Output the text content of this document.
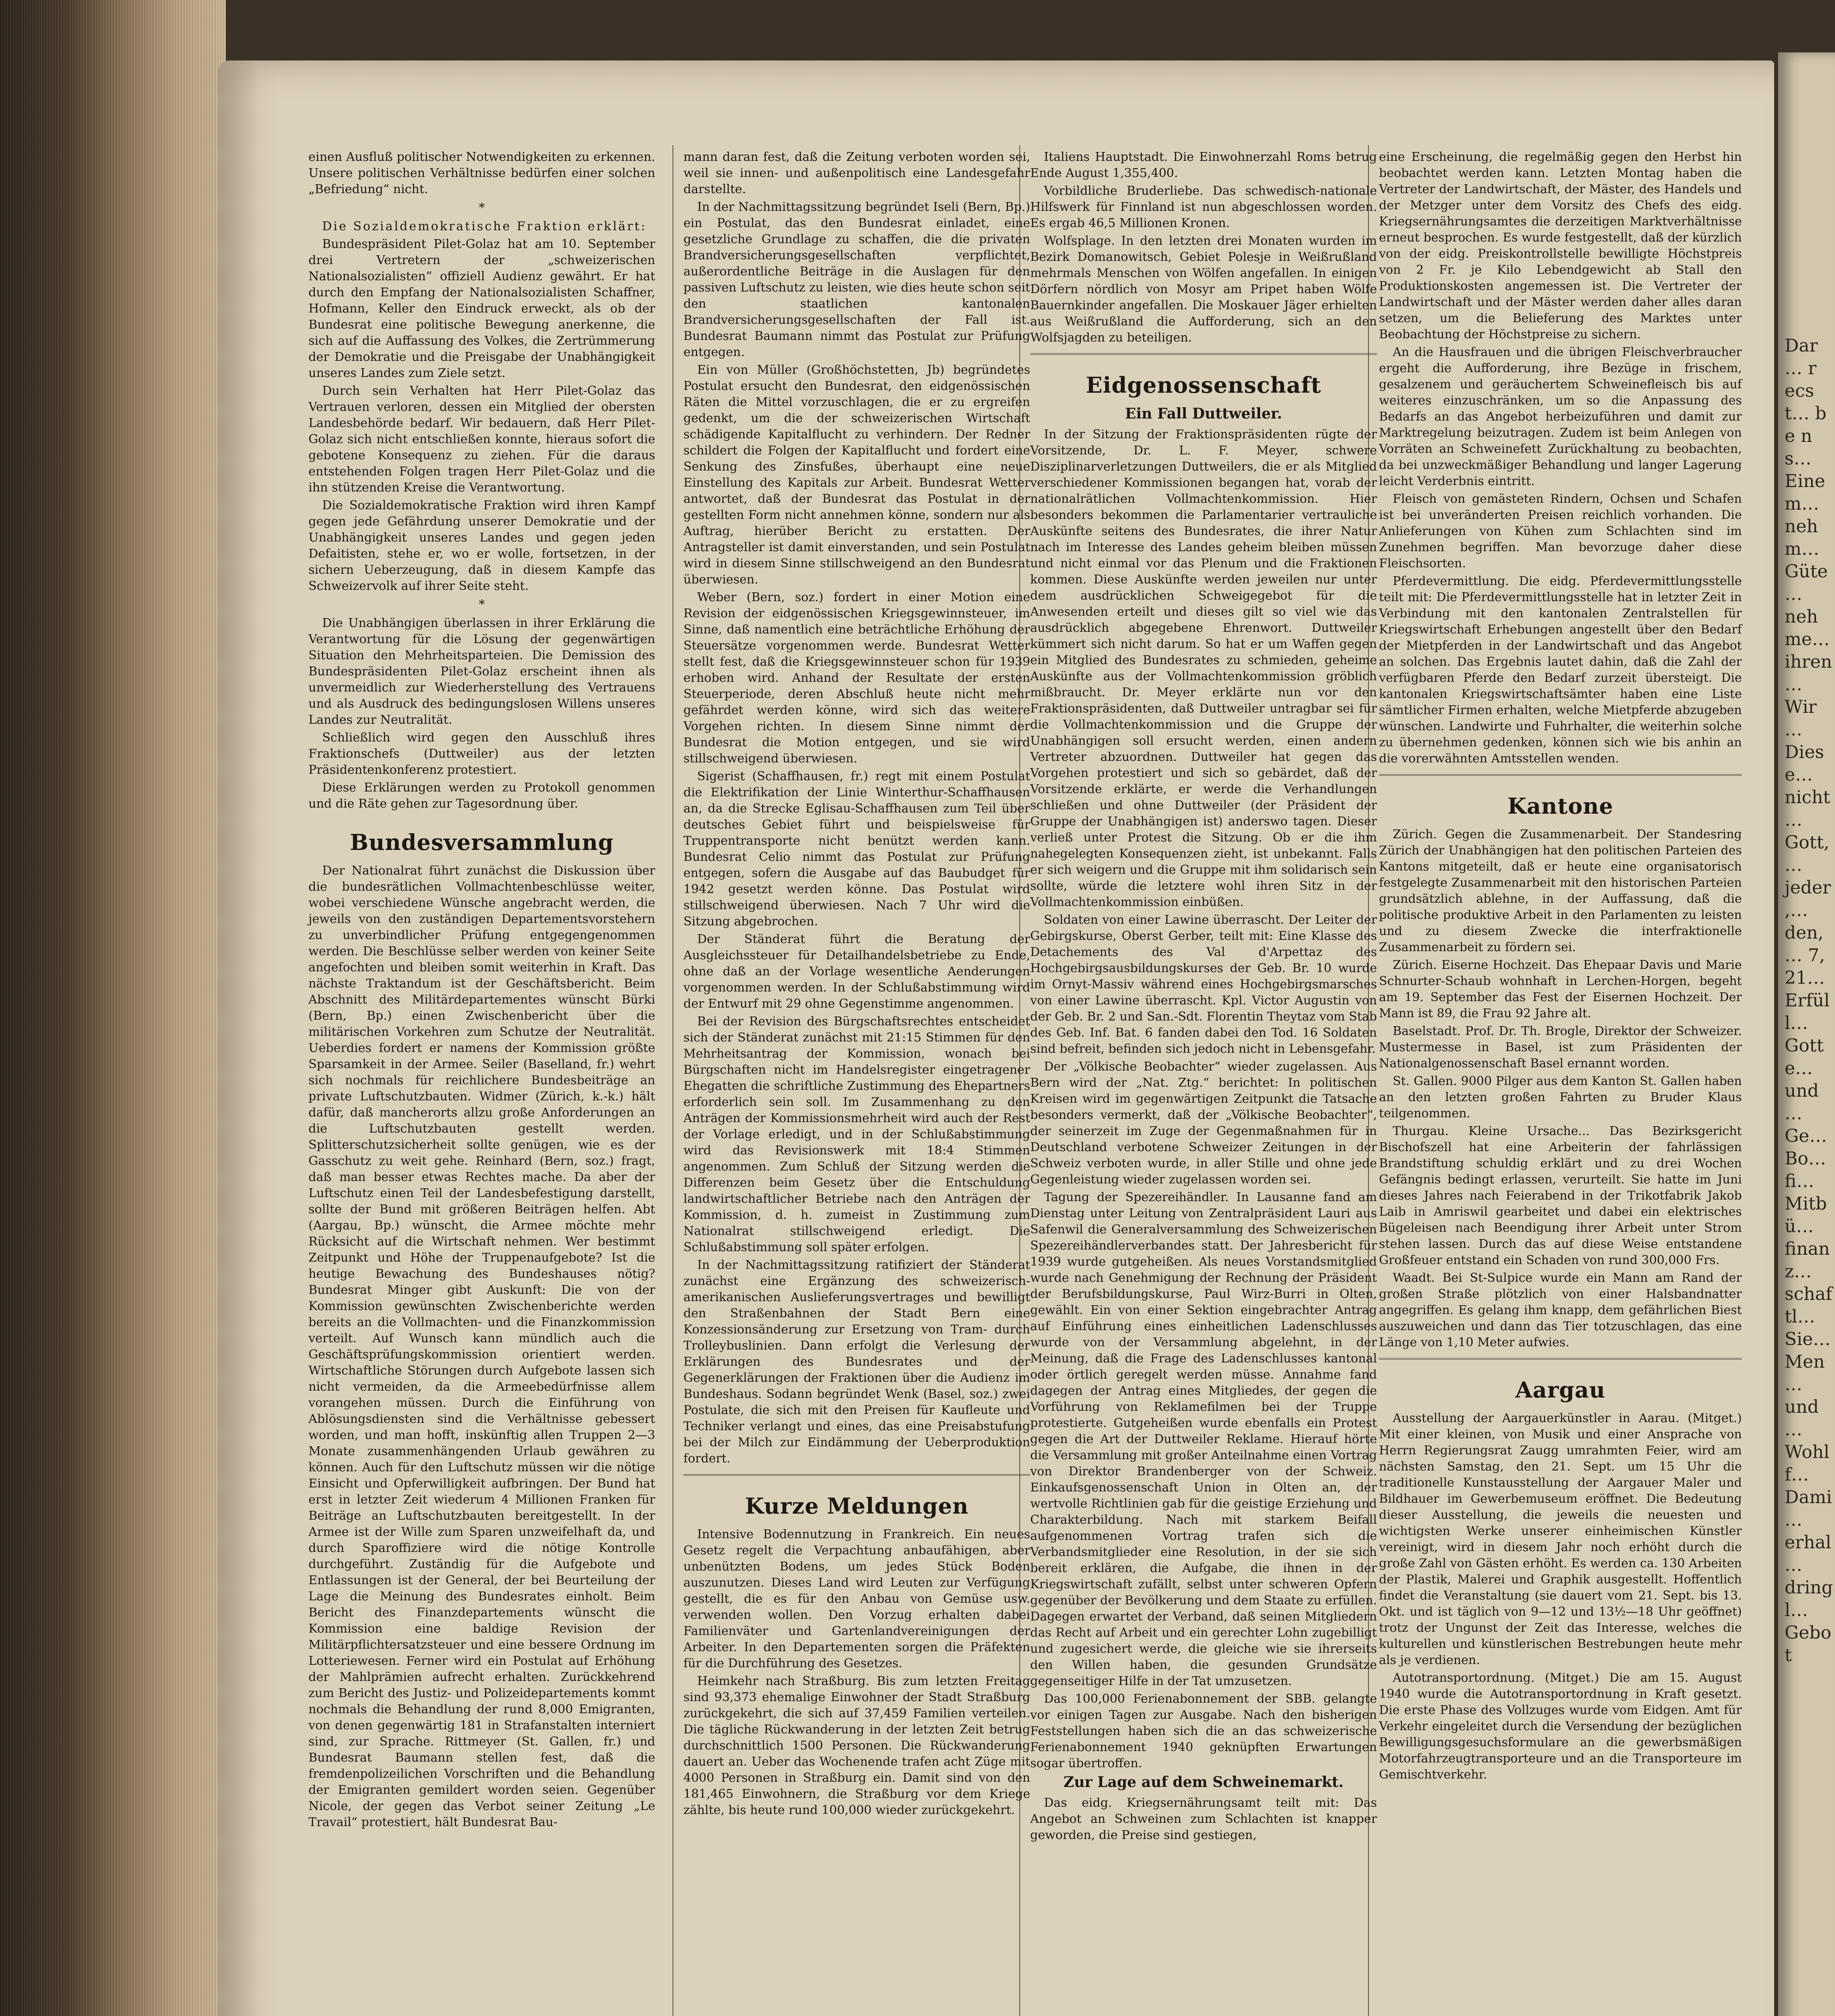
Dar… r ecs t… b e n s… Einem… nehm… Güte… nehme… ihren… Wir… Diese… nicht… Gott,… jeder,… den,… 7, 21… Erfüll… Gotte… und… Ge… Bo… fi… Mitbü… finanz… schaftl… Sie… Men… und… Wohlf… Dami… erhal… dringl… Gebot

einen Ausfluß politischer Notwendigkeiten zu erkennen. Unsere politischen Verhältnisse bedürfen einer solchen „Befriedung“ nicht.

*

Die Sozialdemokratische Fraktion erklärt:

Bundespräsident Pilet-Golaz hat am 10. September drei Vertretern der „schweizerischen Nationalsozialisten“ offiziell Audienz gewährt. Er hat durch den Empfang der Nationalsozialisten Schaffner, Hofmann, Keller den Eindruck erweckt, als ob der Bundesrat eine politische Bewegung anerkenne, die sich auf die Auffassung des Volkes, die Zertrümmerung der Demokratie und die Preisgabe der Unabhängigkeit unseres Landes zum Ziele setzt.

Durch sein Verhalten hat Herr Pilet-Golaz das Vertrauen verloren, dessen ein Mitglied der obersten Landesbehörde bedarf. Wir bedauern, daß Herr Pilet-Golaz sich nicht entschließen konnte, hieraus sofort die gebotene Konsequenz zu ziehen. Für die daraus entstehenden Folgen tragen Herr Pilet-Golaz und die ihn stützenden Kreise die Verantwortung.

Die Sozialdemokratische Fraktion wird ihren Kampf gegen jede Gefährdung unserer Demokratie und der Unabhängigkeit unseres Landes und gegen jeden Defaitisten, stehe er, wo er wolle, fortsetzen, in der sichern Ueberzeugung, daß in diesem Kampfe das Schweizervolk auf ihrer Seite steht.

*

Die Unabhängigen überlassen in ihrer Erklärung die Verantwortung für die Lösung der gegenwärtigen Situation den Mehrheitsparteien. Die Demission des Bundespräsidenten Pilet-Golaz erscheint ihnen als unvermeidlich zur Wiederherstellung des Vertrauens und als Ausdruck des bedingungslosen Willens unseres Landes zur Neutralität.

Schließlich wird gegen den Ausschluß ihres Fraktionschefs (Duttweiler) aus der letzten Präsidentenkonferenz protestiert.

Diese Erklärungen werden zu Protokoll genommen und die Räte gehen zur Tagesordnung über.

Bundesversammlung

Der Nationalrat führt zunächst die Diskussion über die bundesrätlichen Vollmachtenbeschlüsse weiter, wobei verschiedene Wünsche angebracht werden, die jeweils von den zuständigen Departementsvorstehern zu unverbindlicher Prüfung entgegengenommen werden. Die Beschlüsse selber werden von keiner Seite angefochten und bleiben somit weiterhin in Kraft. Das nächste Traktandum ist der Geschäftsbericht. Beim Abschnitt des Militärdepartementes wünscht Bürki (Bern, Bp.) einen Zwischenbericht über die militärischen Vorkehren zum Schutze der Neutralität. Ueberdies fordert er namens der Kommission größte Sparsamkeit in der Armee. Seiler (Baselland, fr.) wehrt sich nochmals für reichlichere Bundesbeiträge an private Luftschutzbauten. Widmer (Zürich, k.-k.) hält dafür, daß mancherorts allzu große Anforderungen an die Luftschutzbauten gestellt werden. Splitterschutzsicherheit sollte genügen, wie es der Gasschutz zu weit gehe. Reinhard (Bern, soz.) fragt, daß man besser etwas Rechtes mache. Da aber der Luftschutz einen Teil der Landesbefestigung darstellt, sollte der Bund mit größeren Beiträgen helfen. Abt (Aargau, Bp.) wünscht, die Armee möchte mehr Rücksicht auf die Wirtschaft nehmen. Wer bestimmt Zeitpunkt und Höhe der Truppenaufgebote? Ist die heutige Bewachung des Bundeshauses nötig? Bundesrat Minger gibt Auskunft: Die von der Kommission gewünschten Zwischenberichte werden bereits an die Vollmachten- und die Finanzkommission verteilt. Auf Wunsch kann mündlich auch die Geschäftsprüfungskommission orientiert werden. Wirtschaftliche Störungen durch Aufgebote lassen sich nicht vermeiden, da die Armeebedürfnisse allem vorangehen müssen. Durch die Einführung von Ablösungsdiensten sind die Verhältnisse gebessert worden, und man hofft, inskünftig allen Truppen 2—3 Monate zusammenhängenden Urlaub gewähren zu können. Auch für den Luftschutz müssen wir die nötige Einsicht und Opferwilligkeit aufbringen. Der Bund hat erst in letzter Zeit wiederum 4 Millionen Franken für Beiträge an Luftschutzbauten bereitgestellt. In der Armee ist der Wille zum Sparen unzweifelhaft da, und durch Sparoffiziere wird die nötige Kontrolle durchgeführt. Zuständig für die Aufgebote und Entlassungen ist der General, der bei Beurteilung der Lage die Meinung des Bundesrates einholt. Beim Bericht des Finanzdepartements wünscht die Kommission eine baldige Revision der Militärpflichtersatzsteuer und eine bessere Ordnung im Lotteriewesen. Ferner wird ein Postulat auf Erhöhung der Mahlprämien aufrecht erhalten. Zurückkehrend zum Bericht des Justiz- und Polizeidepartements kommt nochmals die Behandlung der rund 8,000 Emigranten, von denen gegenwärtig 181 in Strafanstalten interniert sind, zur Sprache. Rittmeyer (St. Gallen, fr.) und Bundesrat Baumann stellen fest, daß die fremdenpolizeilichen Vorschriften und die Behandlung der Emigranten gemildert worden seien. Gegenüber Nicole, der gegen das Verbot seiner Zeitung „Le Travail“ protestiert, hält Bundesrat Bau-

mann daran fest, daß die Zeitung verboten worden sei, weil sie innen- und außenpolitisch eine Landesgefahr darstellte.

In der Nachmittagssitzung begründet Iseli (Bern, Bp.) ein Postulat, das den Bundesrat einladet, eine gesetzliche Grundlage zu schaffen, die die privaten Brandversicherungsgesellschaften verpflichtet, außerordentliche Beiträge in die Auslagen für den passiven Luftschutz zu leisten, wie dies heute schon seit den staatlichen kantonalen Brandversicherungsgesellschaften der Fall ist. Bundesrat Baumann nimmt das Postulat zur Prüfung entgegen.

Ein von Müller (Großhöchstetten, Jb) begründetes Postulat ersucht den Bundesrat, den eidgenössischen Räten die Mittel vorzuschlagen, die er zu ergreifen gedenkt, um die der schweizerischen Wirtschaft schädigende Kapitalflucht zu verhindern. Der Redner schildert die Folgen der Kapitalflucht und fordert eine Senkung des Zinsfußes, überhaupt eine neue Einstellung des Kapitals zur Arbeit. Bundesrat Wetter antwortet, daß der Bundesrat das Postulat in der gestellten Form nicht annehmen könne, sondern nur als Auftrag, hierüber Bericht zu erstatten. Der Antragsteller ist damit einverstanden, und sein Postulat wird in diesem Sinne stillschweigend an den Bundesrat überwiesen.

Weber (Bern, soz.) fordert in einer Motion eine Revision der eidgenössischen Kriegsgewinnsteuer, im Sinne, daß namentlich eine beträchtliche Erhöhung der Steuersätze vorgenommen werde. Bundesrat Wetter stellt fest, daß die Kriegsgewinnsteuer schon für 1939 erhoben wird. Anhand der Resultate der ersten Steuerperiode, deren Abschluß heute nicht mehr gefährdet werden könne, wird sich das weitere Vorgehen richten. In diesem Sinne nimmt der Bundesrat die Motion entgegen, und sie wird stillschweigend überwiesen.

Sigerist (Schaffhausen, fr.) regt mit einem Postulat die Elektrifikation der Linie Winterthur-Schaffhausen an, da die Strecke Eglisau-Schaffhausen zum Teil über deutsches Gebiet führt und beispielsweise für Truppentransporte nicht benützt werden kann. Bundesrat Celio nimmt das Postulat zur Prüfung entgegen, sofern die Ausgabe auf das Baubudget für 1942 gesetzt werden könne. Das Postulat wird stillschweigend überwiesen. Nach 7 Uhr wird die Sitzung abgebrochen.

Der Ständerat führt die Beratung der Ausgleichssteuer für Detailhandelsbetriebe zu Ende, ohne daß an der Vorlage wesentliche Aenderungen vorgenommen werden. In der Schlußabstimmung wird der Entwurf mit 29 ohne Gegenstimme angenommen.

Bei der Revision des Bürgschaftsrechtes entscheidet sich der Ständerat zunächst mit 21:15 Stimmen für den Mehrheitsantrag der Kommission, wonach bei Bürgschaften nicht im Handelsregister eingetragener Ehegatten die schriftliche Zustimmung des Ehepartners erforderlich sein soll. Im Zusammenhang zu den Anträgen der Kommissionsmehrheit wird auch der Rest der Vorlage erledigt, und in der Schlußabstimmung wird das Revisionswerk mit 18:4 Stimmen angenommen. Zum Schluß der Sitzung werden die Differenzen beim Gesetz über die Entschuldung landwirtschaftlicher Betriebe nach den Anträgen der Kommission, d. h. zumeist in Zustimmung zum Nationalrat stillschweigend erledigt. Die Schlußabstimmung soll später erfolgen.

In der Nachmittagssitzung ratifiziert der Ständerat zunächst eine Ergänzung des schweizerisch-amerikanischen Auslieferungsvertrages und bewilligt den Straßenbahnen der Stadt Bern eine Konzessionsänderung zur Ersetzung von Tram- durch Trolleybuslinien. Dann erfolgt die Verlesung der Erklärungen des Bundesrates und der Gegenerklärungen der Fraktionen über die Audienz im Bundeshaus. Sodann begründet Wenk (Basel, soz.) zwei Postulate, die sich mit den Preisen für Kaufleute und Techniker verlangt und eines, das eine Preisabstufung bei der Milch zur Eindämmung der Ueberproduktion fordert.

Kurze Meldungen

Intensive Bodennutzung in Frankreich. Ein neues Gesetz regelt die Verpachtung anbaufähigen, aber unbenützten Bodens, um jedes Stück Boden auszunutzen. Dieses Land wird Leuten zur Verfügung gestellt, die es für den Anbau von Gemüse usw. verwenden wollen. Den Vorzug erhalten dabei Familienväter und Gartenlandvereinigungen der Arbeiter. In den Departementen sorgen die Präfekten für die Durchführung des Gesetzes.

Heimkehr nach Straßburg. Bis zum letzten Freitag sind 93,373 ehemalige Einwohner der Stadt Straßburg zurückgekehrt, die sich auf 37,459 Familien verteilen. Die tägliche Rückwanderung in der letzten Zeit betrug durchschnittlich 1500 Personen. Die Rückwanderung dauert an. Ueber das Wochenende trafen acht Züge mit 4000 Personen in Straßburg ein. Damit sind von den 181,465 Einwohnern, die Straßburg vor dem Kriege zählte, bis heute rund 100,000 wieder zurückgekehrt.

Italiens Hauptstadt. Die Einwohnerzahl Roms betrug Ende August 1,355,400.

Vorbildliche Bruderliebe. Das schwedisch-nationale Hilfswerk für Finnland ist nun abgeschlossen worden. Es ergab 46,5 Millionen Kronen.

Wolfsplage. In den letzten drei Monaten wurden im Bezirk Domanowitsch, Gebiet Polesje in Weißrußland mehrmals Menschen von Wölfen angefallen. In einigen Dörfern nördlich von Mosyr am Pripet haben Wölfe Bauernkinder angefallen. Die Moskauer Jäger erhielten aus Weißrußland die Aufforderung, sich an den Wolfsjagden zu beteiligen.

Eidgenossenschaft
Ein Fall Duttweiler.

In der Sitzung der Fraktionspräsidenten rügte der Vorsitzende, Dr. L. F. Meyer, schwere Disziplinarverletzungen Duttweilers, die er als Mitglied verschiedener Kommissionen begangen hat, vorab der nationalrätlichen Vollmachtenkommission. Hier besonders bekommen die Parlamentarier vertrauliche Auskünfte seitens des Bundesrates, die ihrer Natur nach im Interesse des Landes geheim bleiben müssen und nicht einmal vor das Plenum und die Fraktionen kommen. Diese Auskünfte werden jeweilen nur unter dem ausdrücklichen Schweigegebot für die Anwesenden erteilt und dieses gilt so viel wie das ausdrücklich abgegebene Ehrenwort. Duttweiler kümmert sich nicht darum. So hat er um Waffen gegen ein Mitglied des Bundesrates zu schmieden, geheime Auskünfte aus der Vollmachtenkommission gröblich mißbraucht. Dr. Meyer erklärte nun vor den Fraktionspräsidenten, daß Duttweiler untragbar sei für die Vollmachtenkommission und die Gruppe der Unabhängigen soll ersucht werden, einen andern Vertreter abzuordnen. Duttweiler hat gegen das Vorgehen protestiert und sich so gebärdet, daß der Vorsitzende erklärte, er werde die Verhandlungen schließen und ohne Duttweiler (der Präsident der Gruppe der Unabhängigen ist) anderswo tagen. Dieser verließ unter Protest die Sitzung. Ob er die ihm nahegelegten Konsequenzen zieht, ist unbekannt. Falls er sich weigern und die Gruppe mit ihm solidarisch sein sollte, würde die letztere wohl ihren Sitz in der Vollmachtenkommission einbüßen.

Soldaten von einer Lawine überrascht. Der Leiter der Gebirgskurse, Oberst Gerber, teilt mit: Eine Klasse des Detachements des Val d'Arpettaz des Hochgebirgsausbildungskurses der Geb. Br. 10 wurde im Ornyt-Massiv während eines Hochgebirgsmarsches von einer Lawine überrascht. Kpl. Victor Augustin von der Geb. Br. 2 und San.-Sdt. Florentin Theytaz vom Stab des Geb. Inf. Bat. 6 fanden dabei den Tod. 16 Soldaten sind befreit, befinden sich jedoch nicht in Lebensgefahr.

Der „Völkische Beobachter“ wieder zugelassen. Aus Bern wird der „Nat. Ztg.“ berichtet: In politischen Kreisen wird im gegenwärtigen Zeitpunkt die Tatsache besonders vermerkt, daß der „Völkische Beobachter“, der seinerzeit im Zuge der Gegenmaßnahmen für in Deutschland verbotene Schweizer Zeitungen in der Schweiz verboten wurde, in aller Stille und ohne jede Gegenleistung wieder zugelassen worden sei.

Tagung der Spezereihändler. In Lausanne fand am Dienstag unter Leitung von Zentralpräsident Lauri aus Safenwil die Generalversammlung des Schweizerischen Spezereihändlerverbandes statt. Der Jahresbericht für 1939 wurde gutgeheißen. Als neues Vorstandsmitglied wurde nach Genehmigung der Rechnung der Präsident der Berufsbildungskurse, Paul Wirz-Burri in Olten, gewählt. Ein von einer Sektion eingebrachter Antrag auf Einführung eines einheitlichen Ladenschlusses wurde von der Versammlung abgelehnt, in der Meinung, daß die Frage des Ladenschlusses kantonal oder örtlich geregelt werden müsse. Annahme fand dagegen der Antrag eines Mitgliedes, der gegen die Vorführung von Reklamefilmen bei der Truppe protestierte. Gutgeheißen wurde ebenfalls ein Protest gegen die Art der Duttweiler Reklame. Hierauf hörte die Versammlung mit großer Anteilnahme einen Vortrag von Direktor Brandenberger von der Schweiz. Einkaufsgenossenschaft Union in Olten an, der wertvolle Richtlinien gab für die geistige Erziehung und Charakterbildung. Nach mit starkem Beifall aufgenommenen Vortrag trafen sich die Verbandsmitglieder eine Resolution, in der sie sich bereit erklären, die Aufgabe, die ihnen in der Kriegswirtschaft zufällt, selbst unter schweren Opfern gegenüber der Bevölkerung und dem Staate zu erfüllen. Dagegen erwartet der Verband, daß seinen Mitgliedern das Recht auf Arbeit und ein gerechter Lohn zugebilligt und zugesichert werde, die gleiche wie sie ihrerseits den Willen haben, die gesunden Grundsätze gegenseitiger Hilfe in der Tat umzusetzen.

Das 100,000 Ferienabonnement der SBB. gelangte vor einigen Tagen zur Ausgabe. Nach den bisherigen Feststellungen haben sich die an das schweizerische Ferienabonnement 1940 geknüpften Erwartungen sogar übertroffen.

Zur Lage auf dem Schweinemarkt.

Das eidg. Kriegsernährungsamt teilt mit: Das Angebot an Schweinen zum Schlachten ist knapper geworden, die Preise sind gestiegen,

eine Erscheinung, die regelmäßig gegen den Herbst hin beobachtet werden kann. Letzten Montag haben die Vertreter der Landwirtschaft, der Mäster, des Handels und der Metzger unter dem Vorsitz des Chefs des eidg. Kriegsernährungsamtes die derzeitigen Marktverhältnisse erneut besprochen. Es wurde festgestellt, daß der kürzlich von der eidg. Preiskontrollstelle bewilligte Höchstpreis von 2 Fr. je Kilo Lebendgewicht ab Stall den Produktionskosten angemessen ist. Die Vertreter der Landwirtschaft und der Mäster werden daher alles daran setzen, um die Belieferung des Marktes unter Beobachtung der Höchstpreise zu sichern.

An die Hausfrauen und die übrigen Fleischverbraucher ergeht die Aufforderung, ihre Bezüge in frischem, gesalzenem und geräuchertem Schweinefleisch bis auf weiteres einzuschränken, um so die Anpassung des Bedarfs an das Angebot herbeizuführen und damit zur Marktregelung beizutragen. Zudem ist beim Anlegen von Vorräten an Schweinefett Zurückhaltung zu beobachten, da bei unzweckmäßiger Behandlung und langer Lagerung leicht Verderbnis eintritt.

Fleisch von gemästeten Rindern, Ochsen und Schafen ist bei unveränderten Preisen reichlich vorhanden. Die Anlieferungen von Kühen zum Schlachten sind im Zunehmen begriffen. Man bevorzuge daher diese Fleischsorten.

Pferdevermittlung. Die eidg. Pferdevermittlungsstelle teilt mit: Die Pferdevermittlungsstelle hat in letzter Zeit in Verbindung mit den kantonalen Zentralstellen für Kriegswirtschaft Erhebungen angestellt über den Bedarf der Mietpferden in der Landwirtschaft und das Angebot an solchen. Das Ergebnis lautet dahin, daß die Zahl der verfügbaren Pferde den Bedarf zurzeit übersteigt. Die kantonalen Kriegswirtschaftsämter haben eine Liste sämtlicher Firmen erhalten, welche Mietpferde abzugeben wünschen. Landwirte und Fuhrhalter, die weiterhin solche zu übernehmen gedenken, können sich wie bis anhin an die vorerwähnten Amtsstellen wenden.

Kantone

Zürich. Gegen die Zusammenarbeit. Der Standesring Zürich der Unabhängigen hat den politischen Parteien des Kantons mitgeteilt, daß er heute eine organisatorisch festgelegte Zusammenarbeit mit den historischen Parteien grundsätzlich ablehne, in der Auffassung, daß die politische produktive Arbeit in den Parlamenten zu leisten und zu diesem Zwecke die interfraktionelle Zusammenarbeit zu fördern sei.

Zürich. Eiserne Hochzeit. Das Ehepaar Davis und Marie Schnurter-Schaub wohnhaft in Lerchen-Horgen, begeht am 19. September das Fest der Eisernen Hochzeit. Der Mann ist 89, die Frau 92 Jahre alt.

Baselstadt. Prof. Dr. Th. Brogle, Direktor der Schweizer. Mustermesse in Basel, ist zum Präsidenten der Nationalgenossenschaft Basel ernannt worden.

St. Gallen. 9000 Pilger aus dem Kanton St. Gallen haben an den letzten großen Fahrten zu Bruder Klaus teilgenommen.

Thurgau. Kleine Ursache... Das Bezirksgericht Bischofszell hat eine Arbeiterin der fahrlässigen Brandstiftung schuldig erklärt und zu drei Wochen Gefängnis bedingt erlassen, verurteilt. Sie hatte im Juni dieses Jahres nach Feierabend in der Trikotfabrik Jakob Laib in Amriswil gearbeitet und dabei ein elektrisches Bügeleisen nach Beendigung ihrer Arbeit unter Strom stehen lassen. Durch das auf diese Weise entstandene Großfeuer entstand ein Schaden von rund 300,000 Frs.

Waadt. Bei St-Sulpice wurde ein Mann am Rand der großen Straße plötzlich von einer Halsbandnatter angegriffen. Es gelang ihm knapp, dem gefährlichen Biest auszuweichen und dann das Tier totzuschlagen, das eine Länge von 1,10 Meter aufwies.

Aargau

Ausstellung der Aargauerkünstler in Aarau. (Mitget.) Mit einer kleinen, von Musik und einer Ansprache von Herrn Regierungsrat Zaugg umrahmten Feier, wird am nächsten Samstag, den 21. Sept. um 15 Uhr die traditionelle Kunstausstellung der Aargauer Maler und Bildhauer im Gewerbemuseum eröffnet. Die Bedeutung dieser Ausstellung, die jeweils die neuesten und wichtigsten Werke unserer einheimischen Künstler vereinigt, wird in diesem Jahr noch erhöht durch die große Zahl von Gästen erhöht. Es werden ca. 130 Arbeiten der Plastik, Malerei und Graphik ausgestellt. Hoffentlich findet die Veranstaltung (sie dauert vom 21. Sept. bis 13. Okt. und ist täglich von 9—12 und 13½—18 Uhr geöffnet) trotz der Ungunst der Zeit das Interesse, welches die kulturellen und künstlerischen Bestrebungen heute mehr als je verdienen.

Autotransportordnung. (Mitget.) Die am 15. August 1940 wurde die Autotransportordnung in Kraft gesetzt. Die erste Phase des Vollzuges wurde vom Eidgen. Amt für Verkehr eingeleitet durch die Versendung der bezüglichen Bewilligungsgesuchsformulare an die gewerbsmäßigen Motorfahrzeugtransporteure und an die Transporteure im Gemischtverkehr.
